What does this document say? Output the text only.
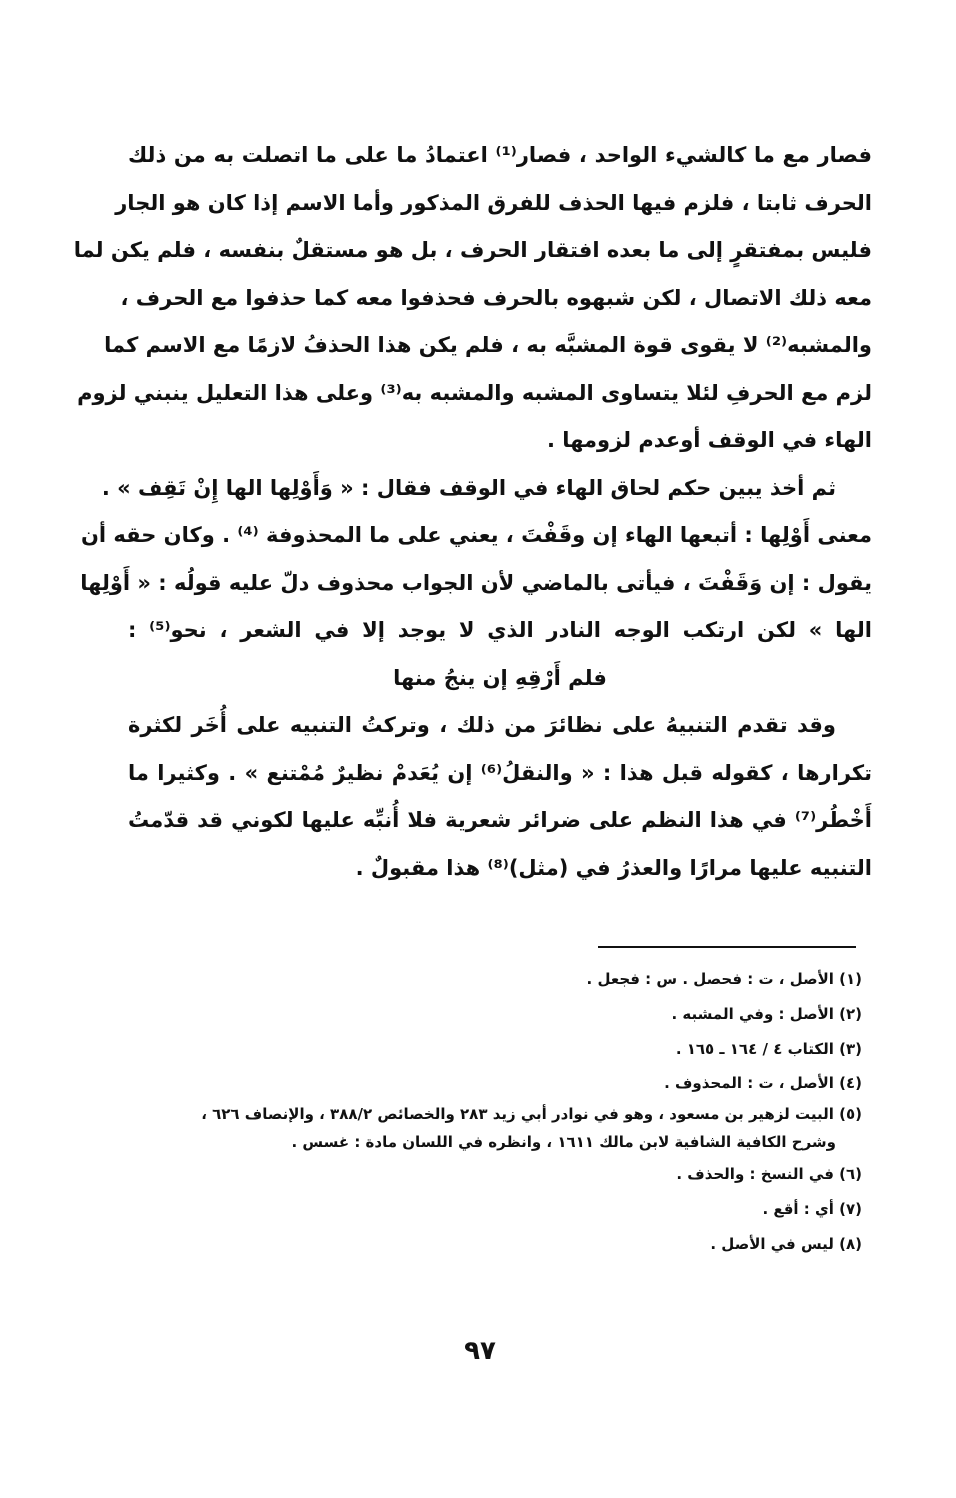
فصار مع ما كالشيء الواحد ، فصار⁽¹⁾ اعتمادُ ما على ما اتصلت به من ذلك
الحرف ثابتا ، فلزم فيها الحذف للفرق المذكور وأما الاسم إذا كان هو الجار
فليس بمفتقرٍ إلى ما بعده افتقار الحرف ، بل هو مستقلٌ بنفسه ، فلم يكن لما
معه ذلك الاتصال ، لكن شبهوه بالحرف فحذفوا معه كما حذفوا مع الحرف ،
والمشبه⁽²⁾ لا يقوى قوة المشبَّه به ، فلم يكن هذا الحذفُ لازمًا مع الاسم كما
لزم مع الحرفِ لئلا يتساوى المشبه والمشبه به⁽³⁾ وعلى هذا التعليل ينبني لزوم
الهاء في الوقف أوعدم لزومها .
ثم أخذ يبين حكم لحاق الهاء في الوقف فقال : « وَأَوْلِها الها إِنْ تَقِف » .
معنى أَوْلِها : أتبعها الهاء إن وقَفْتَ ، يعني على ما المحذوفة ⁽⁴⁾ . وكان حقه أن
يقول : إن وَقَفْتَ ، فيأتى بالماضي لأن الجواب محذوف دلّ عليه قولُه : « أَوْلِها
الها » لكن ارتكب الوجه النادر الذي لا يوجد إلا في الشعر ، نحو⁽⁵⁾ :
فلم أَرْقِهِ إن ينجُ منها
وقد تقدم التنبيهُ على نظائرَ من ذلك ، وتركتُ التنبيه على أُخَر لكثرة
تكرارها ، كقوله قبل هذا : « والنقلُ⁽⁶⁾ إن يُعَدمْ نظيرٌ مُمْتنع » . وكثيرا ما
أَخْطُر⁽⁷⁾ في هذا النظم على ضرائر شعرية فلا أُنبِّه عليها لكوني قد قدّمتُ
التنبيه عليها مرارًا والعذرُ في (مثل)⁽⁸⁾ هذا مقبولٌ .
(١) الأصل ، ت : فحصل . س : فجعل .
(٢) الأصل : وفي المشبه .
(٣) الكتاب ٤ / ١٦٤ ـ ١٦٥ .
(٤) الأصل ، ت : المحذوف .
(٥) البيت لزهير بن مسعود ، وهو في نوادر أبي زيد ٢٨٣ والخصائص ٣٨٨/٢ ، والإنصاف ٦٢٦ ،
وشرح الكافية الشافية لابن مالك ١٦١١ ، وانظره في اللسان مادة : غسس .
(٦) في النسخ : والحذف .
(٧) أي : أقع .
(٨) ليس في الأصل .
٩٧
